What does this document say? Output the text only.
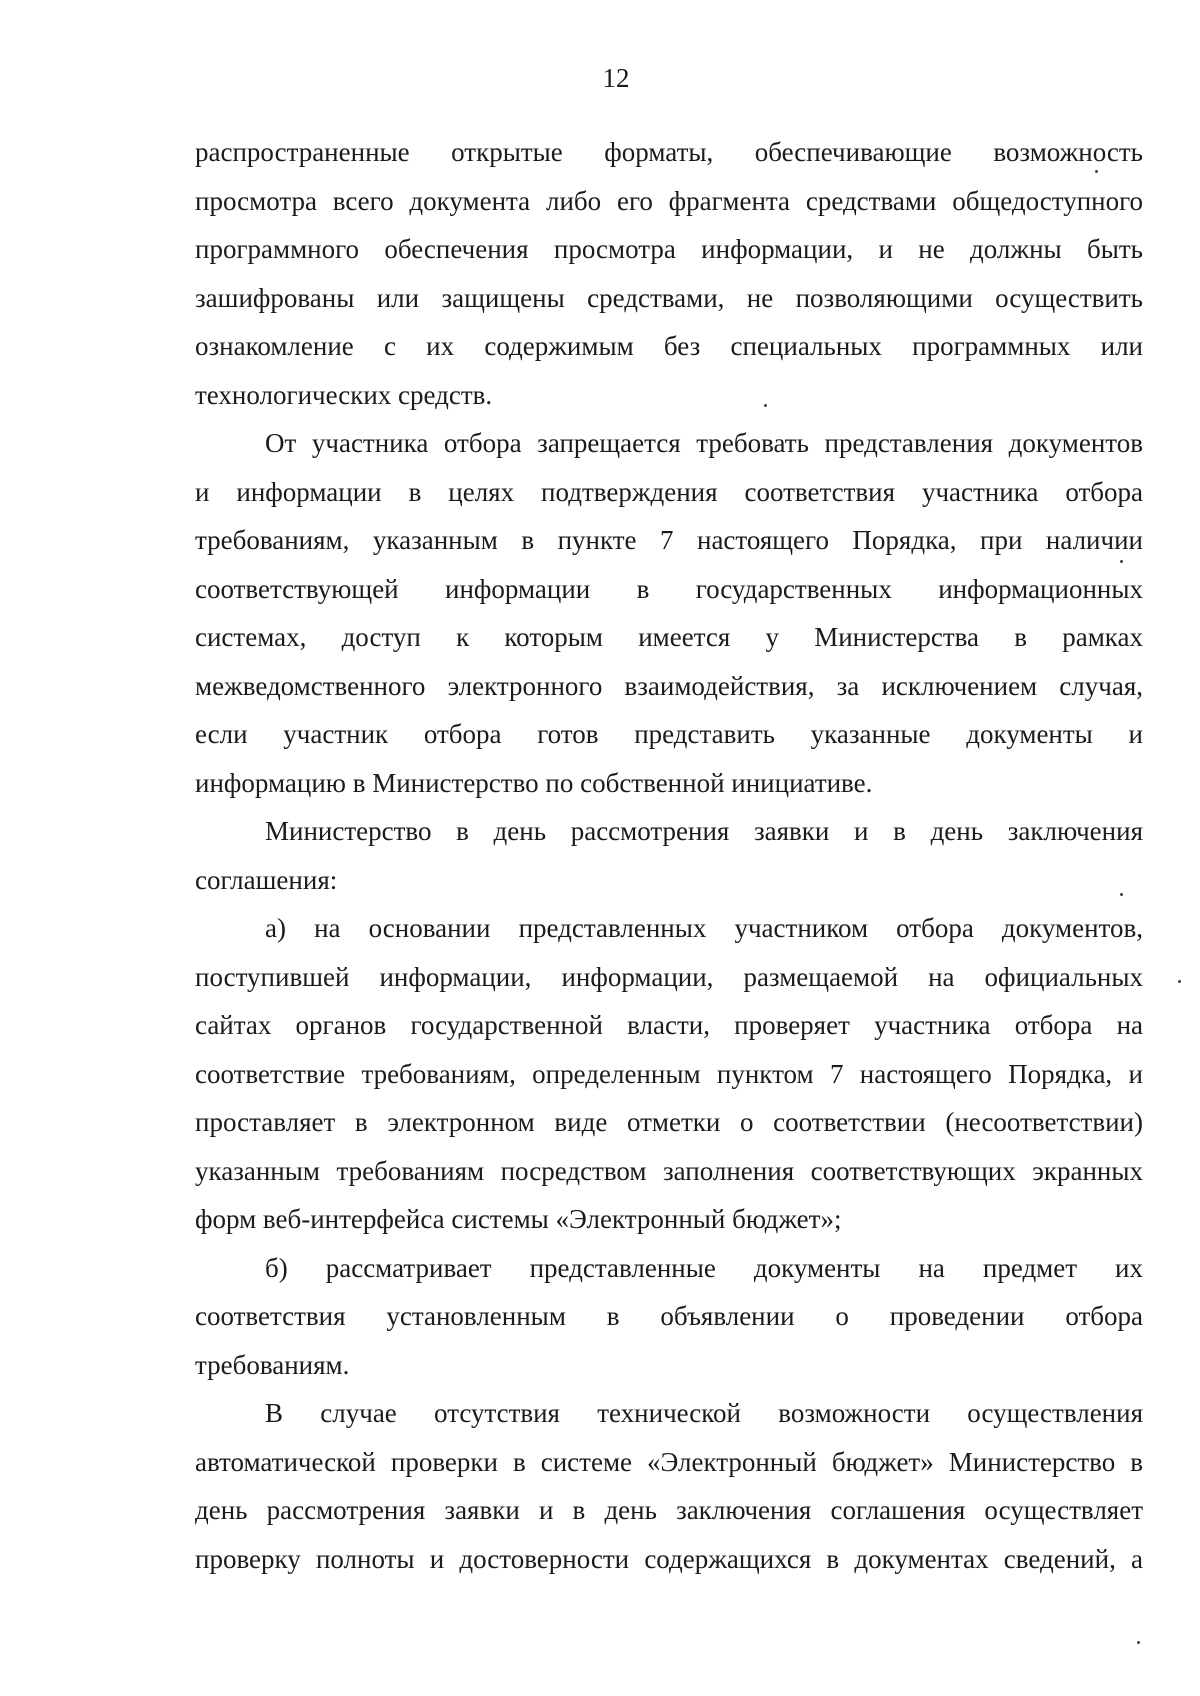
12
распространенные открытые форматы, обеспечивающие возможность
просмотра всего документа либо его фрагмента средствами общедоступного
программного обеспечения просмотра информации, и не должны быть
зашифрованы или защищены средствами, не позволяющими осуществить
ознакомление с их содержимым без специальных программных или
технологических средств.
От участника отбора запрещается требовать представления документов
и информации в целях подтверждения соответствия участника отбора
требованиям, указанным в пункте 7 настоящего Порядка, при наличии
соответствующей информации в государственных информационных
системах, доступ к которым имеется у Министерства в рамках
межведомственного электронного взаимодействия, за исключением случая,
если участник отбора готов представить указанные документы и
информацию в Министерство по собственной инициативе.
Министерство в день рассмотрения заявки и в день заключения
соглашения:
а) на основании представленных участником отбора документов,
поступившей информации, информации, размещаемой на официальных
сайтах органов государственной власти, проверяет участника отбора на
соответствие требованиям, определенным пунктом 7 настоящего Порядка, и
проставляет в электронном виде отметки о соответствии (несоответствии)
указанным требованиям посредством заполнения соответствующих экранных
форм веб-интерфейса системы «Электронный бюджет»;
б) рассматривает представленные документы на предмет их
соответствия установленным в объявлении о проведении отбора
требованиям.
В случае отсутствия технической возможности осуществления
автоматической проверки в системе «Электронный бюджет» Министерство в
день рассмотрения заявки и в день заключения соглашения осуществляет
проверку полноты и достоверности содержащихся в документах сведений, а
